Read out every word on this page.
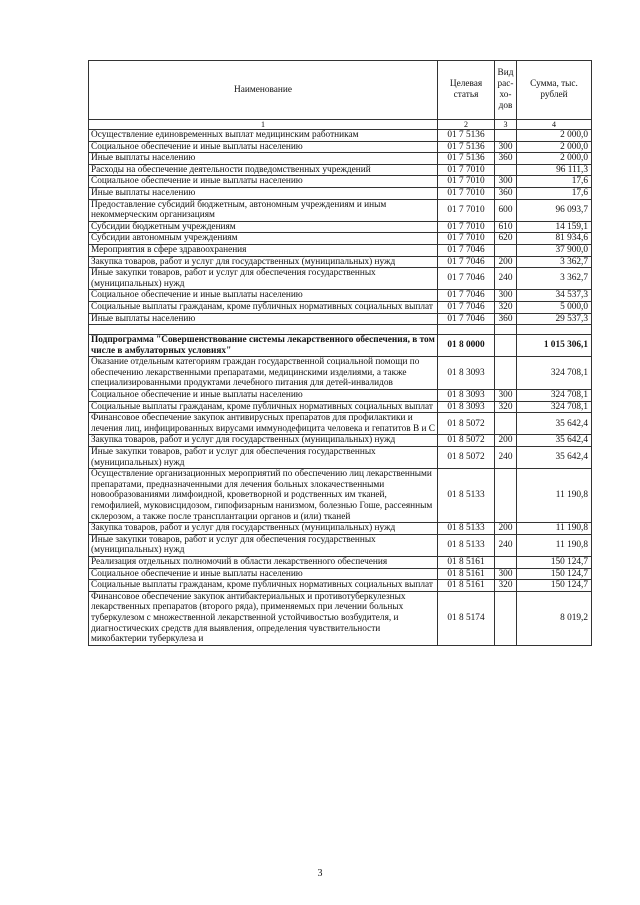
Наименование	Целевая статья	Вид рас-хо-дов	Сумма, тыс. рублей
1	2	3	4
Осуществление единовременных выплат медицинским работникам	01 7 5136		2 000,0
Социальное обеспечение и иные выплаты населению	01 7 5136	300	2 000,0
Иные выплаты населению	01 7 5136	360	2 000,0
Расходы на обеспечение деятельности подведомственных учреждений	01 7 7010		96 111,3
Социальное обеспечение и иные выплаты населению	01 7 7010	300	17,6
Иные выплаты населению	01 7 7010	360	17,6
Предоставление субсидий бюджетным, автономным учреждениям и иным некоммерческим организациям	01 7 7010	600	96 093,7
Субсидии бюджетным учреждениям	01 7 7010	610	14 159,1
Субсидии автономным учреждениям	01 7 7010	620	81 934,6
Мероприятия в сфере здравоохранения	01 7 7046		37 900,0
Закупка товаров, работ и услуг для государственных (муниципальных) нужд	01 7 7046	200	3 362,7
Иные закупки товаров, работ и услуг для обеспечения государственных (муниципальных) нужд	01 7 7046	240	3 362,7
Социальное обеспечение и иные выплаты населению	01 7 7046	300	34 537,3
Социальные выплаты гражданам, кроме публичных нормативных социальных выплат	01 7 7046	320	5 000,0
Иные выплаты населению	01 7 7046	360	29 537,3

Подпрограмма "Совершенствование системы лекарственного обеспечения, в том числе в амбулаторных условиях"	01 8 0000		1 015 306,1
Оказание отдельным категориям граждан государственной социальной помощи по обеспечению лекарственными препаратами, медицинскими изделиями, а также специализированными продуктами лечебного питания для детей-инвалидов	01 8 3093		324 708,1
Социальное обеспечение и иные выплаты населению	01 8 3093	300	324 708,1
Социальные выплаты гражданам, кроме публичных нормативных социальных выплат	01 8 3093	320	324 708,1
Финансовое обеспечение закупок антивирусных препаратов для профилактики и лечения лиц, инфицированных вирусами иммунодефицита человека и гепатитов B и C	01 8 5072		35 642,4
Закупка товаров, работ и услуг для государственных (муниципальных) нужд	01 8 5072	200	35 642,4
Иные закупки товаров, работ и услуг для обеспечения государственных (муниципальных) нужд	01 8 5072	240	35 642,4
Осуществление организационных мероприятий по обеспечению лиц лекарственными препаратами, предназначенными для лечения больных злокачественными новообразованиями лимфоидной, кроветворной и родственных им тканей, гемофилией, муковисцидозом, гипофизарным нанизмом, болезнью Гоше, рассеянным склерозом, а также после трансплантации органов и (или) тканей	01 8 5133		11 190,8
Закупка товаров, работ и услуг для государственных (муниципальных) нужд	01 8 5133	200	11 190,8
Иные закупки товаров, работ и услуг для обеспечения государственных (муниципальных) нужд	01 8 5133	240	11 190,8
Реализация отдельных полномочий в области лекарственного обеспечения	01 8 5161		150 124,7
Социальное обеспечение и иные выплаты населению	01 8 5161	300	150 124,7
Социальные выплаты гражданам, кроме публичных нормативных социальных выплат	01 8 5161	320	150 124,7
Финансовое обеспечение закупок антибактериальных и противотуберкулезных лекарственных препаратов (второго ряда), применяемых при лечении больных туберкулезом с множественной лекарственной устойчивостью возбудителя, и диагностических средств для выявления, определения чувствительности микобактерии туберкулеза и	01 8 5174		8 019,2
3
